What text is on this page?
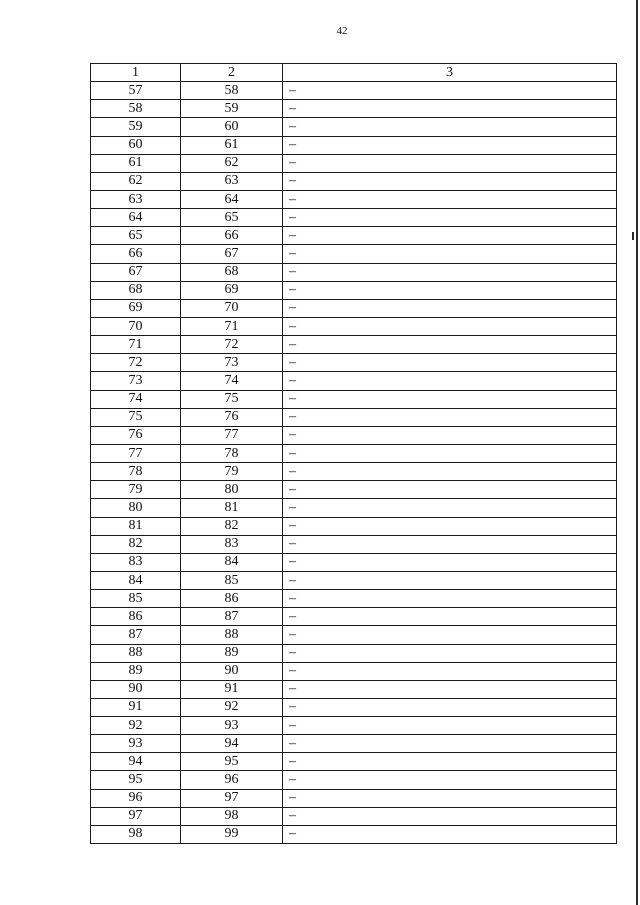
42
1	2	3
57	58	–
58	59	–
59	60	–
60	61	–
61	62	–
62	63	–
63	64	–
64	65	–
65	66	–
66	67	–
67	68	–
68	69	–
69	70	–
70	71	–
71	72	–
72	73	–
73	74	–
74	75	–
75	76	–
76	77	–
77	78	–
78	79	–
79	80	–
80	81	–
81	82	–
82	83	–
83	84	–
84	85	–
85	86	–
86	87	–
87	88	–
88	89	–
89	90	–
90	91	–
91	92	–
92	93	–
93	94	–
94	95	–
95	96	–
96	97	–
97	98	–
98	99	–
